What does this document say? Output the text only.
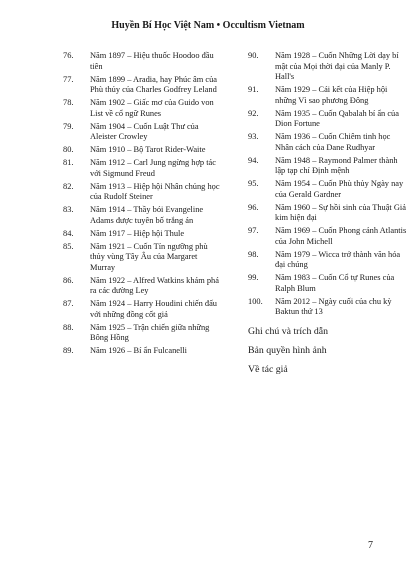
Huyền Bí Học Việt Nam • Occultism Vietnam
76.	Năm 1897 – Hiệu thuốc Hoodoo đầu tiên
77.	Năm 1899 – Aradia, hay Phúc âm của Phù thủy của Charles Godfrey Leland
78.	Năm 1902 – Giấc mơ của Guido von List về cổ ngữ Runes
79.	Năm 1904 – Cuốn Luật Thư của Aleister Crowley
80.	Năm 1910 – Bộ Tarot Rider-Waite
81.	Năm 1912 – Carl Jung ngừng hợp tác với Sigmund Freud
82.	Năm 1913 – Hiệp hội Nhân chủng học của Rudolf Steiner
83.	Năm 1914 – Thầy bói Evangeline Adams được tuyên bố trắng án
84.	Năm 1917 – Hiệp hội Thule
85.	Năm 1921 – Cuốn Tín ngưỡng phù thủy vùng Tây Âu của Margaret Murray
86.	Năm 1922 – Alfred Watkins khám phá ra các đường Ley
87.	Năm 1924 – Harry Houdini chiến đấu với những đồng cốt giả
88.	Năm 1925 – Trận chiến giữa những Bông Hồng
89.	Năm 1926 – Bí ẩn Fulcanelli
90.	Năm 1928 – Cuốn Những Lời dạy bí mật của Mọi thời đại của Manly P. Hall's
91.	Năm 1929 – Cái kết của Hiệp hội những Vì sao phương Đông
92.	Năm 1935 – Cuốn Qabalah bí ẩn của Dion Fortune
93.	Năm 1936 – Cuốn Chiêm tinh học Nhân cách của Dane Rudhyar
94.	Năm 1948 – Raymond Palmer thành lập tạp chí Định mệnh
95.	Năm 1954 – Cuốn Phù thủy Ngày nay của Gerald Gardner
96.	Năm 1960 – Sự hồi sinh của Thuật Giả kim hiện đại
97.	Năm 1969 – Cuốn Phong cảnh Atlantis của John Michell
98.	Năm 1979 – Wicca trở thành văn hóa đại chúng
99.	Năm 1983 – Cuốn Cổ tự Runes của Ralph Blum
100.	Năm 2012 – Ngày cuối của chu kỳ Baktun thứ 13
Ghi chú và trích dẫn
Bản quyền hình ảnh
Về tác giả
7
